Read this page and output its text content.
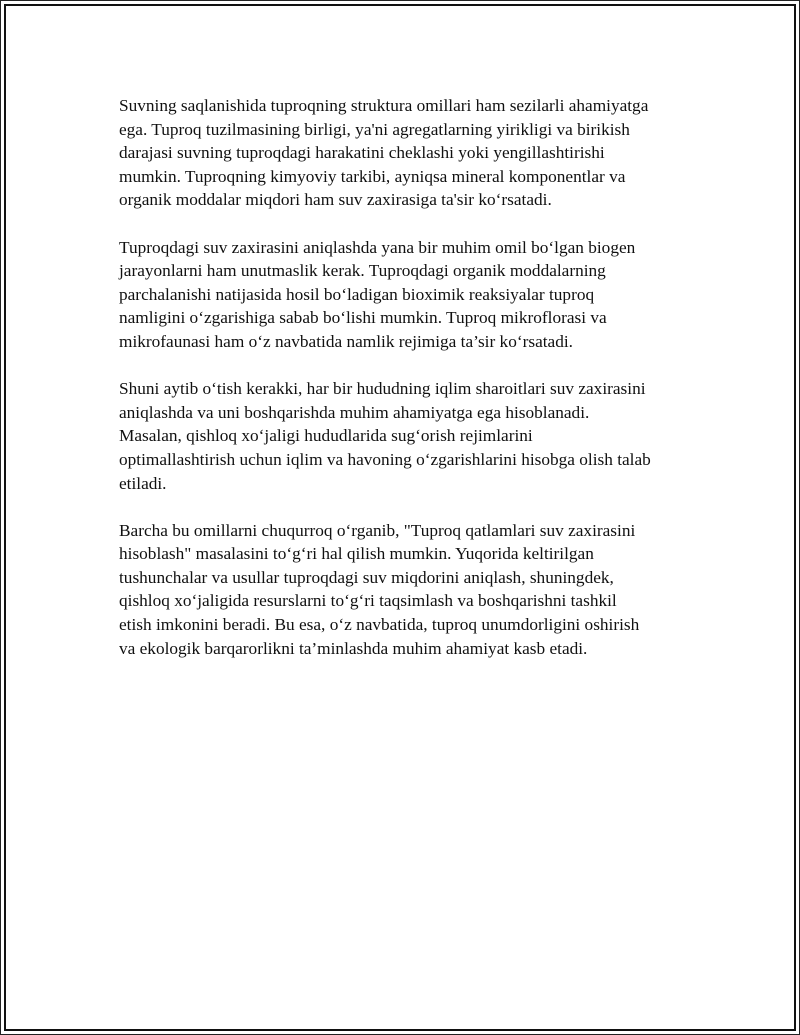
Suvning saqlanishida tuproqning struktura omillari ham sezilarli ahamiyatga
ega. Tuproq tuzilmasining birligi, ya'ni agregatlarning yirikligi va birikish
darajasi suvning tuproqdagi harakatini cheklashi yoki yengillashtirishi
mumkin. Tuproqning kimyoviy tarkibi, ayniqsa mineral komponentlar va
organik moddalar miqdori ham suv zaxirasiga ta'sir ko‘rsatadi.

Tuproqdagi suv zaxirasini aniqlashda yana bir muhim omil bo‘lgan biogen
jarayonlarni ham unutmaslik kerak. Tuproqdagi organik moddalarning
parchalanishi natijasida hosil bo‘ladigan bioximik reaksiyalar tuproq
namligini o‘zgarishiga sabab bo‘lishi mumkin. Tuproq mikroflorasi va
mikrofaunasi ham o‘z navbatida namlik rejimiga ta’sir ko‘rsatadi.

Shuni aytib o‘tish kerakki, har bir hududning iqlim sharoitlari suv zaxirasini
aniqlashda va uni boshqarishda muhim ahamiyatga ega hisoblanadi.
Masalan, qishloq xo‘jaligi hududlarida sug‘orish rejimlarini
optimallashtirish uchun iqlim va havoning o‘zgarishlarini hisobga olish talab
etiladi.

Barcha bu omillarni chuqurroq o‘rganib, "Tuproq qatlamlari suv zaxirasini
hisoblash" masalasini to‘g‘ri hal qilish mumkin. Yuqorida keltirilgan
tushunchalar va usullar tuproqdagi suv miqdorini aniqlash, shuningdek,
qishloq xo‘jaligida resurslarni to‘g‘ri taqsimlash va boshqarishni tashkil
etish imkonini beradi. Bu esa, o‘z navbatida, tuproq unumdorligini oshirish
va ekologik barqarorlikni ta’minlashda muhim ahamiyat kasb etadi.
